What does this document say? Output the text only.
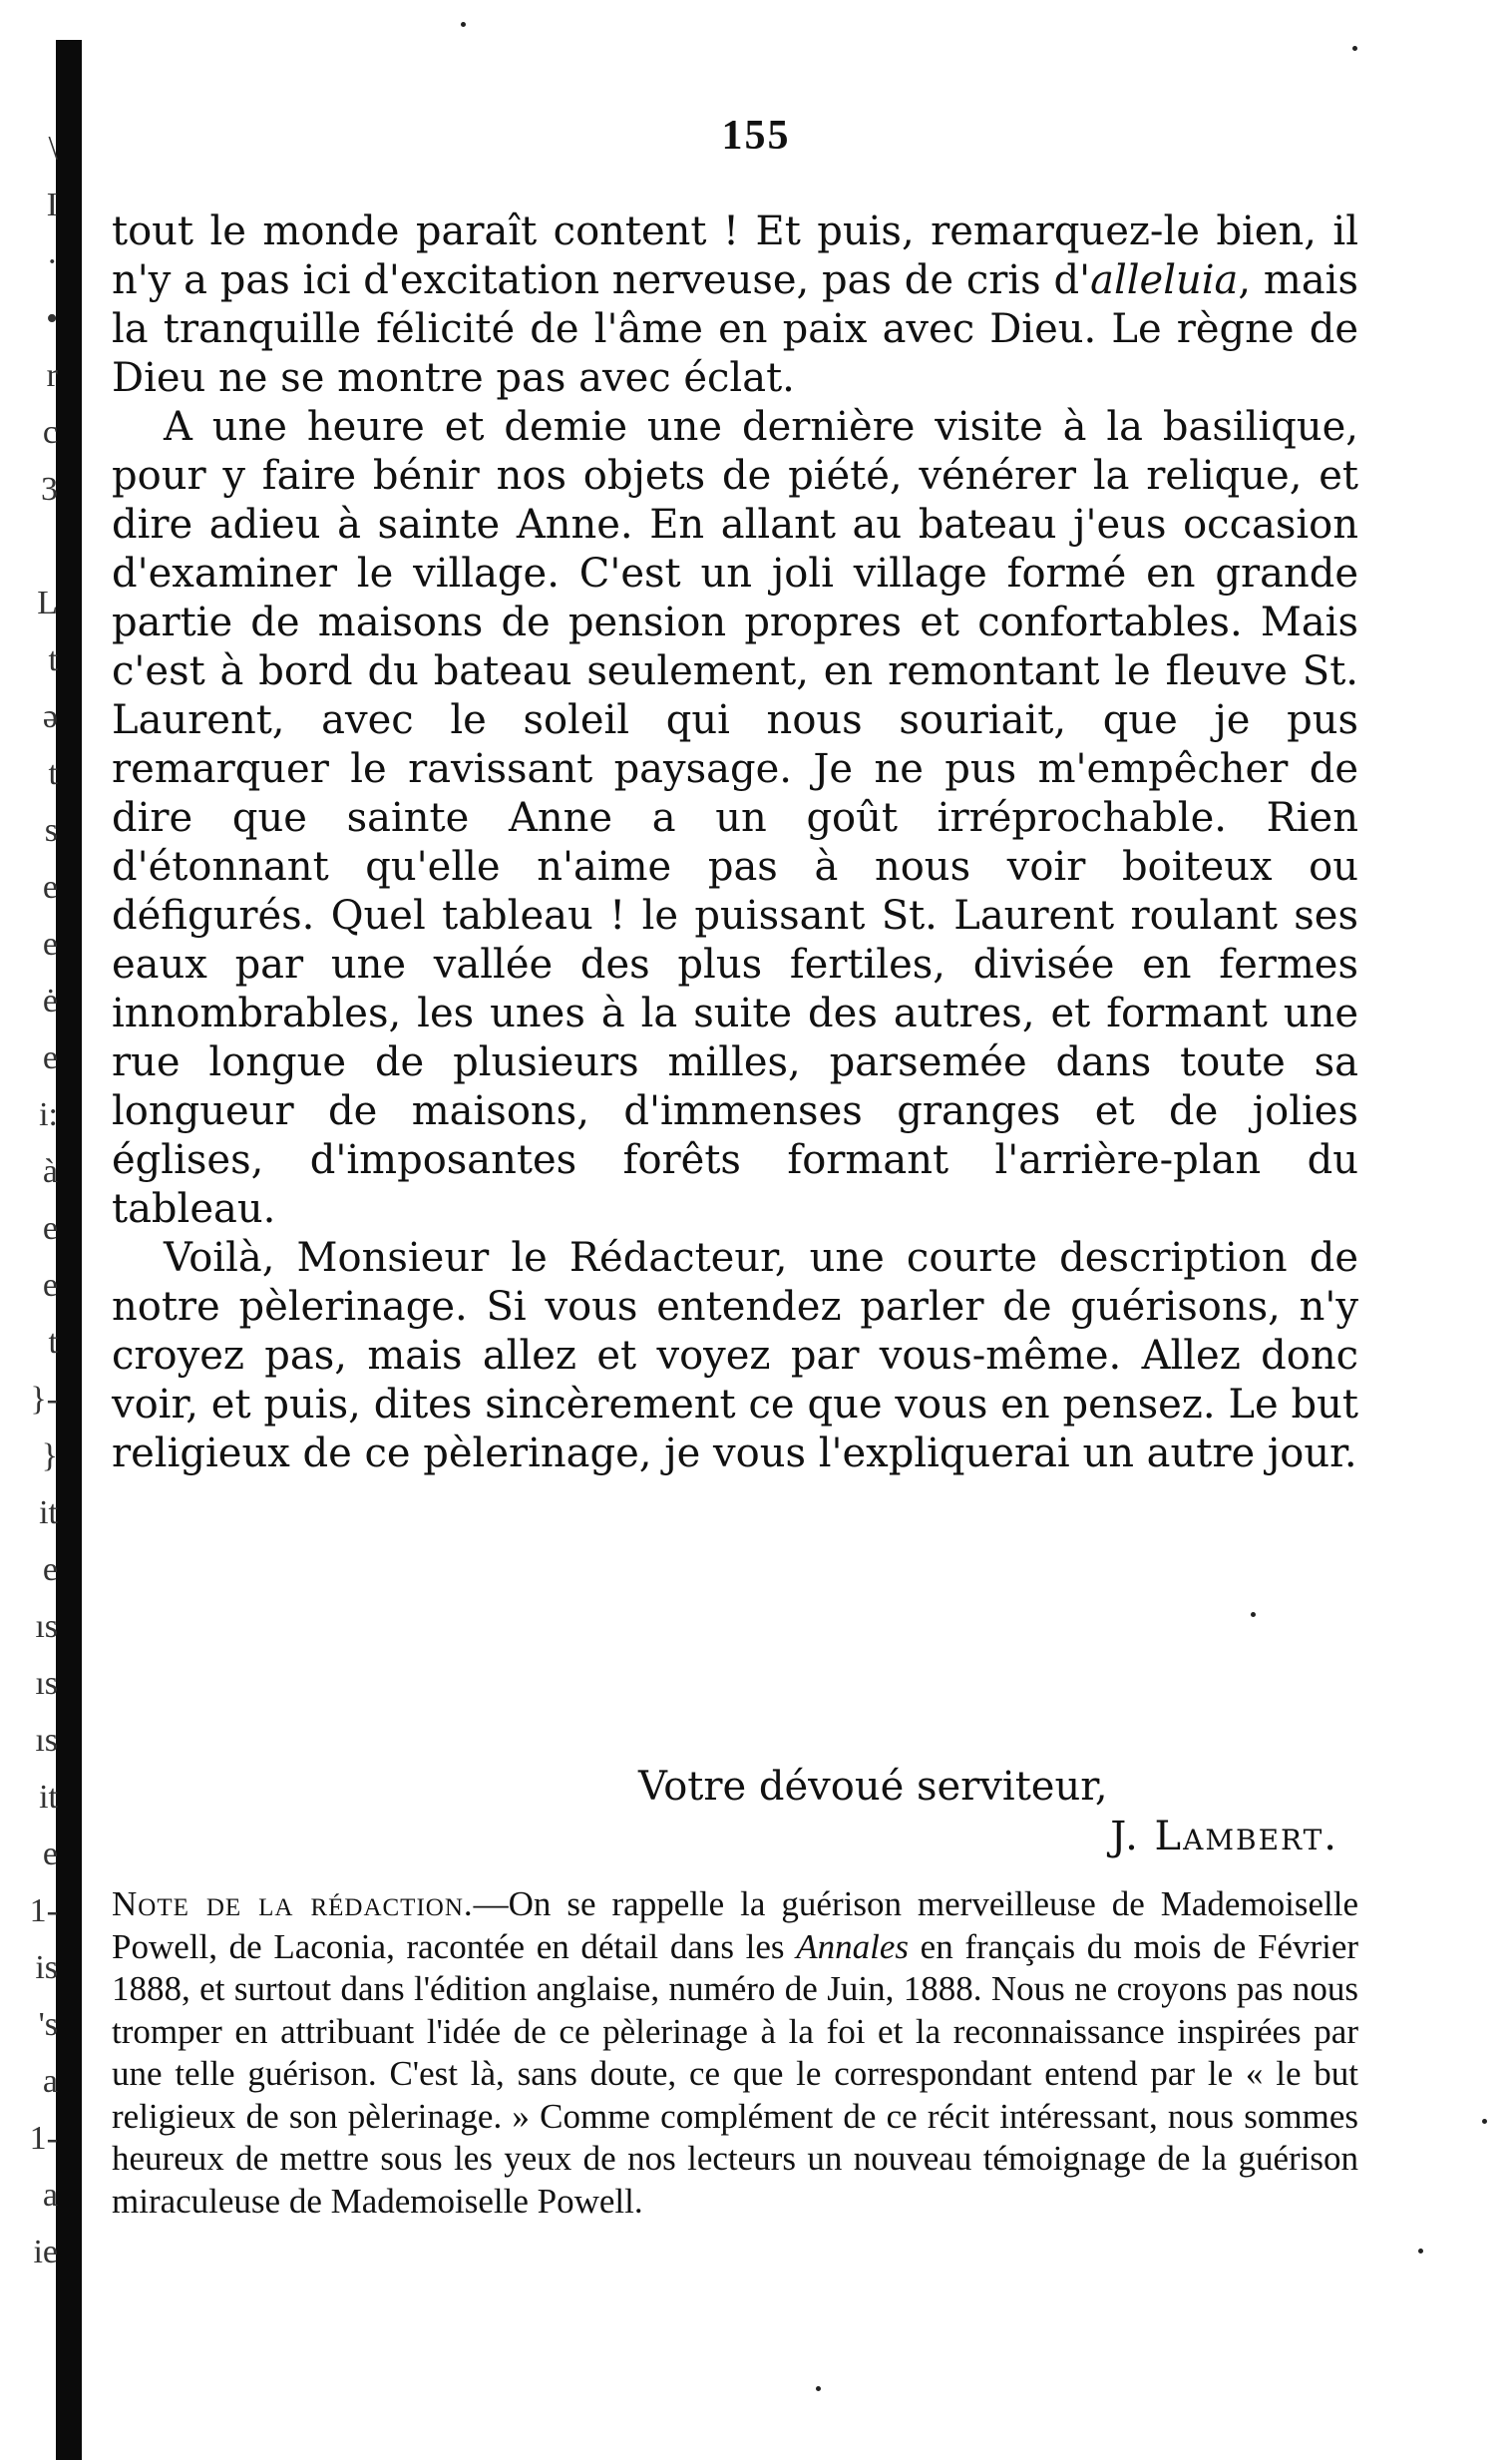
\
I
·
•
r
c
3
L
t
ə
t
s
e
e
ė
e
i:
à
e
e
t
}-
}
it
e
ıs
ıs
ıs
it
e
1-
is
's
a
1-
a
ie
155

tout le monde paraît content ! Et puis, remarquez-le bien, il n'y a pas ici d'excitation nerveuse, pas de cris d'alleluia, mais la tranquille félicité de l'âme en paix avec Dieu. Le règne de Dieu ne se montre pas avec éclat.

A une heure et demie une dernière visite à la basilique, pour y faire bénir nos objets de piété, vénérer la relique, et dire adieu à sainte Anne. En allant au bateau j'eus occasion d'examiner le village. C'est un joli village formé en grande partie de maisons de pension propres et confortables. Mais c'est à bord du bateau seulement, en remontant le fleuve St. Laurent, avec le soleil qui nous souriait, que je pus remarquer le ravissant paysage. Je ne pus m'empêcher de dire que sainte Anne a un goût irréprochable. Rien d'étonnant qu'elle n'aime pas à nous voir boiteux ou défigurés. Quel tableau ! le puissant St. Laurent roulant ses eaux par une vallée des plus fertiles, divisée en fermes innombrables, les unes à la suite des autres, et formant une rue longue de plusieurs milles, parsemée dans toute sa longueur de maisons, d'immenses granges et de jolies églises, d'imposantes forêts formant l'arrière-plan du tableau.

Voilà, Monsieur le Rédacteur, une courte description de notre pèlerinage. Si vous entendez parler de guérisons, n'y croyez pas, mais allez et voyez par vous-même. Allez donc voir, et puis, dites sincèrement ce que vous en pensez. Le but religieux de ce pèlerinage, je vous l'expliquerai un autre jour.

Votre dévoué serviteur,
J. Lambert.
Note de la rédaction.—On se rappelle la guérison merveilleuse de Mademoiselle Powell, de Laconia, racontée en détail dans les Annales en français du mois de Février 1888, et surtout dans l'édition anglaise, numéro de Juin, 1888. Nous ne croyons pas nous tromper en attribuant l'idée de ce pèlerinage à la foi et la reconnaissance inspirées par une telle guérison. C'est là, sans doute, ce que le correspondant entend par le « le but religieux de son pèlerinage. » Comme complément de ce récit intéressant, nous sommes heureux de mettre sous les yeux de nos lecteurs un nouveau témoignage de la guérison miraculeuse de Mademoiselle Powell.
